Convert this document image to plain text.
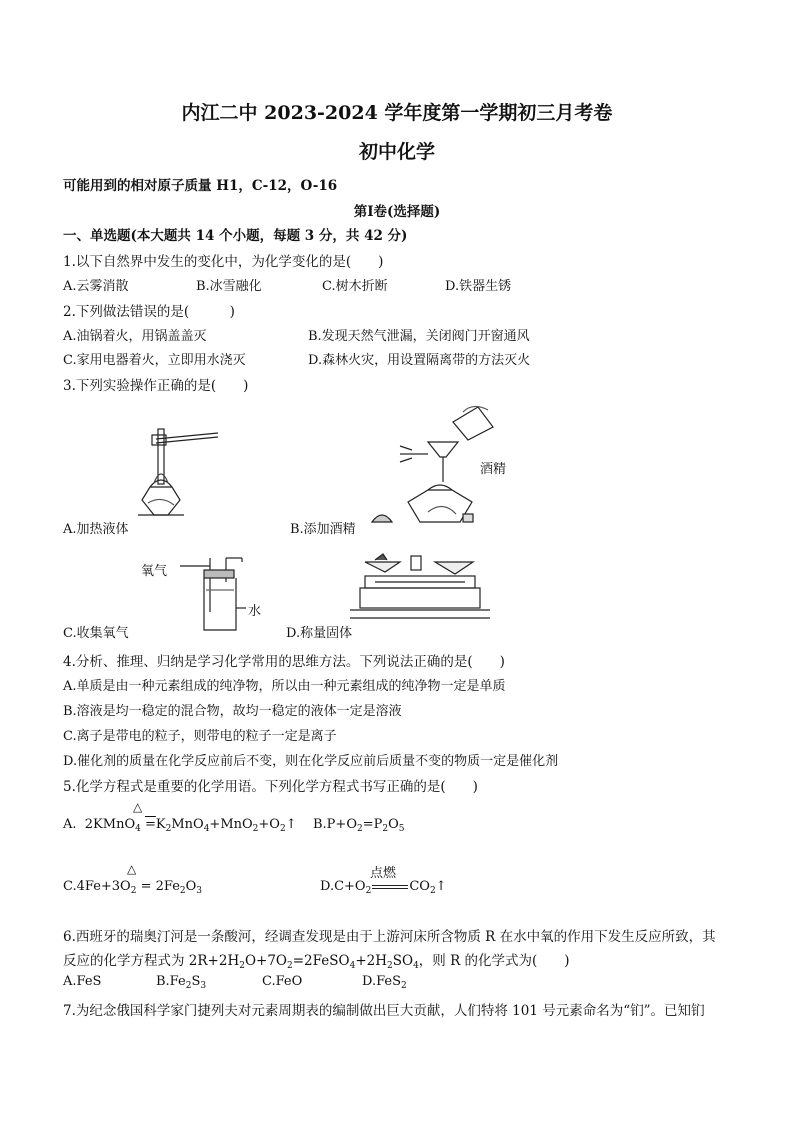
内江二中 2023-2024 学年度第一学期初三月考卷
初中化学
可能用到的相对原子质量 H1，C-12，O-16
第Ⅰ卷(选择题)
一、单选题(本大题共 14 个小题，每题 3 分，共 42 分)
1.以下自然界中发生的变化中，为化学变化的是(　　)
A.云雾消散	B.冰雪融化	C.树木折断	D.铁器生锈
2.下列做法错误的是(　　　)
A.油锅着火，用锅盖盖灭	B.发现天然气泄漏，关闭阀门开窗通风
C.家用电器着火，立即用水浇灭	D.森林火灾，用设置隔离带的方法灭火
3.下列实验操作正确的是(　　)
A.加热液体
酒精
B.添加酒精
氧气
水
C.收集氧气	D.称量固体
4.分析、推理、归纳是学习化学常用的思维方法。下列说法正确的是(　　)
A.单质是由一种元素组成的纯净物，所以由一种元素组成的纯净物一定是单质
B.溶液是均一稳定的混合物，故均一稳定的液体一定是溶液
C.离子是带电的粒子，则带电的粒子一定是离子
D.催化剂的质量在化学反应前后不变，则在化学反应前后质量不变的物质一定是催化剂
5.化学方程式是重要的化学用语。下列化学方程式书写正确的是(　　)
△
A.  2KMnO$_4$ $=K_2MnO_4+MnO_2+O_2↑$ $B.P+O_2=P_2O_5$
△
$C.4Fe+3O_2 = 2Fe_2O_3$
点燃
$D.C+O_2$	$CO_2↑$
6.西班牙的瑞奥汀河是一条酸河，经调查发现是由于上游河床所含物质 R 在水中氧的作用下发生反应所致，其
反应的化学方程式为 $2R+2H_2O+7O_2=2FeSO_4+2H_2SO_4$，则 R 的化学式为(　　)
A.FeS	$B.Fe_2S_3$	C.FeO	D.FeS$_2$
7.为纪念俄国科学家门捷列夫对元素周期表的编制做出巨大贡献，人们特将 101 号元素命名为“钔”。已知钔
